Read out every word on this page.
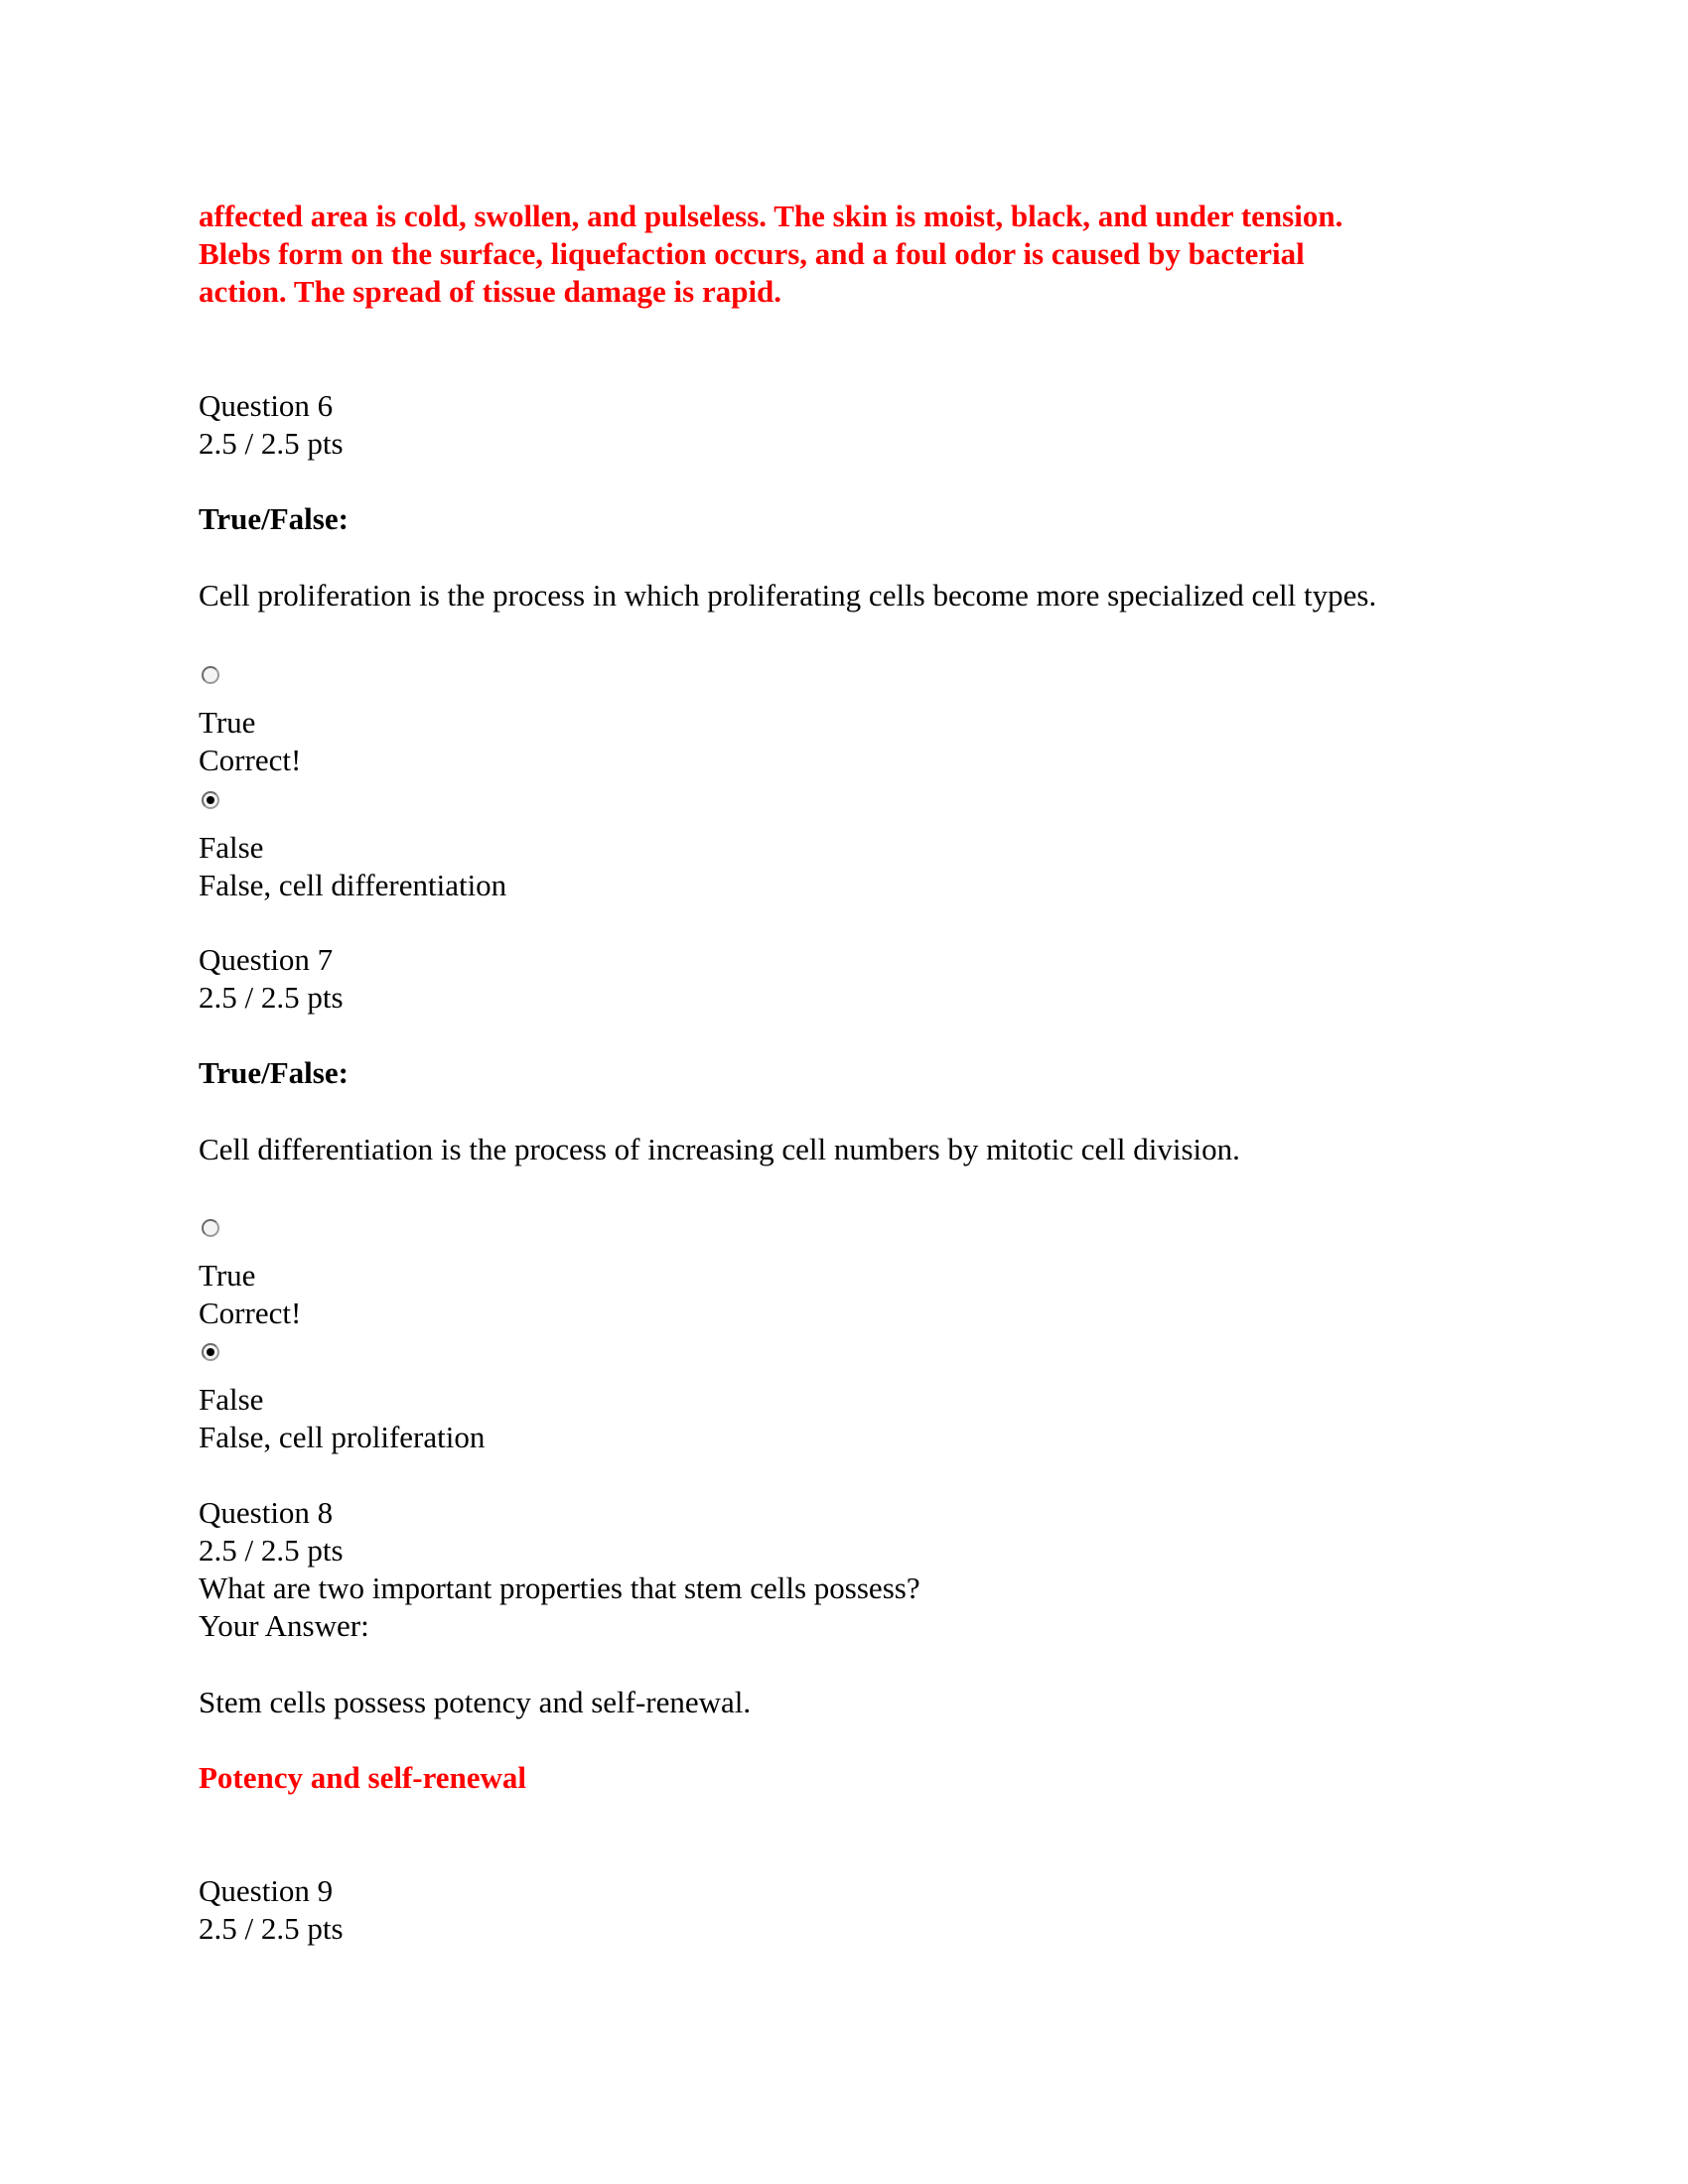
affected area is cold, swollen, and pulseless. The skin is moist, black, and under tension.
Blebs form on the surface, liquefaction occurs, and a foul odor is caused by bacterial
action. The spread of tissue damage is rapid.
Question 6
2.5 / 2.5 pts
True/False:
Cell proliferation is the process in which proliferating cells become more specialized cell types.
True
Correct!
False
False, cell differentiation
Question 7
2.5 / 2.5 pts
True/False:
Cell differentiation is the process of increasing cell numbers by mitotic cell division.
True
Correct!
False
False, cell proliferation
Question 8
2.5 / 2.5 pts
What are two important properties that stem cells possess?
Your Answer:
Stem cells possess potency and self-renewal.
Potency and self-renewal
Question 9
2.5 / 2.5 pts
